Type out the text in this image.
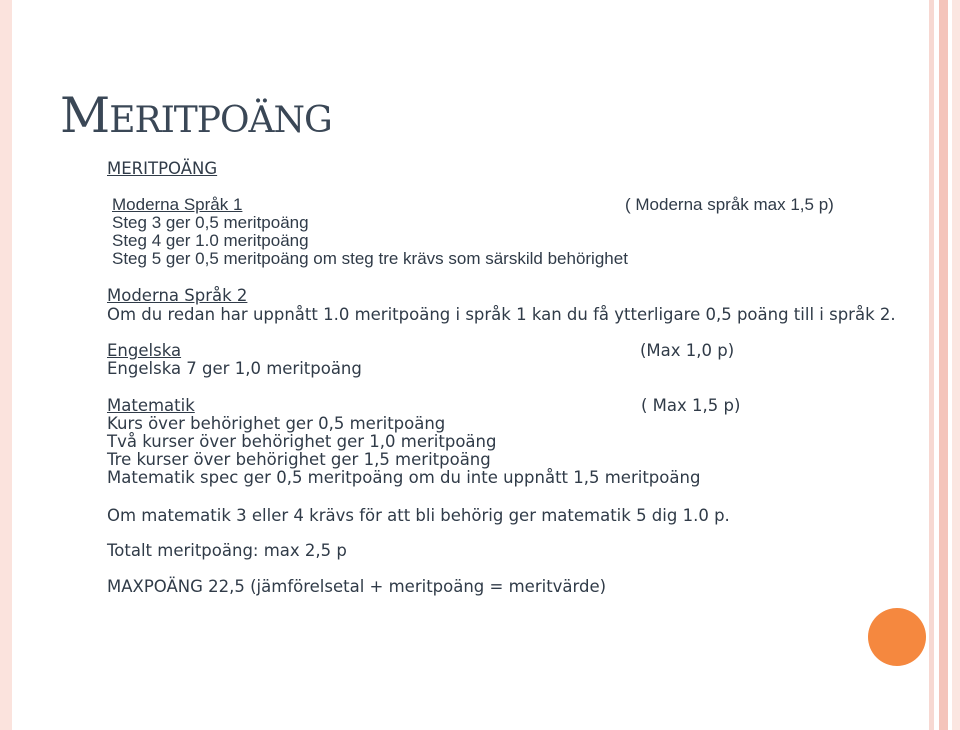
MERITPOÄNG
MERITPOÄNG
Moderna Språk 1	( Moderna språk max 1,5 p)
Steg 3 ger 0,5 meritpoäng
Steg 4 ger 1.0 meritpoäng
Steg 5 ger 0,5 meritpoäng om steg tre krävs som särskild behörighet
Moderna Språk 2
Om du redan har uppnått 1.0 meritpoäng i språk 1 kan du få ytterligare 0,5 poäng till i språk 2.
Engelska	(Max 1,0 p)
Engelska 7 ger 1,0 meritpoäng
Matematik	( Max 1,5 p)
Kurs över behörighet ger 0,5 meritpoäng
Två kurser över behörighet ger 1,0 meritpoäng
Tre kurser över behörighet ger 1,5 meritpoäng
Matematik spec ger 0,5 meritpoäng om du inte uppnått 1,5 meritpoäng
Om matematik 3 eller 4 krävs för att bli behörig ger matematik 5 dig 1.0 p.
Totalt meritpoäng: max 2,5 p
MAXPOÄNG 22,5 (jämförelsetal + meritpoäng = meritvärde)
